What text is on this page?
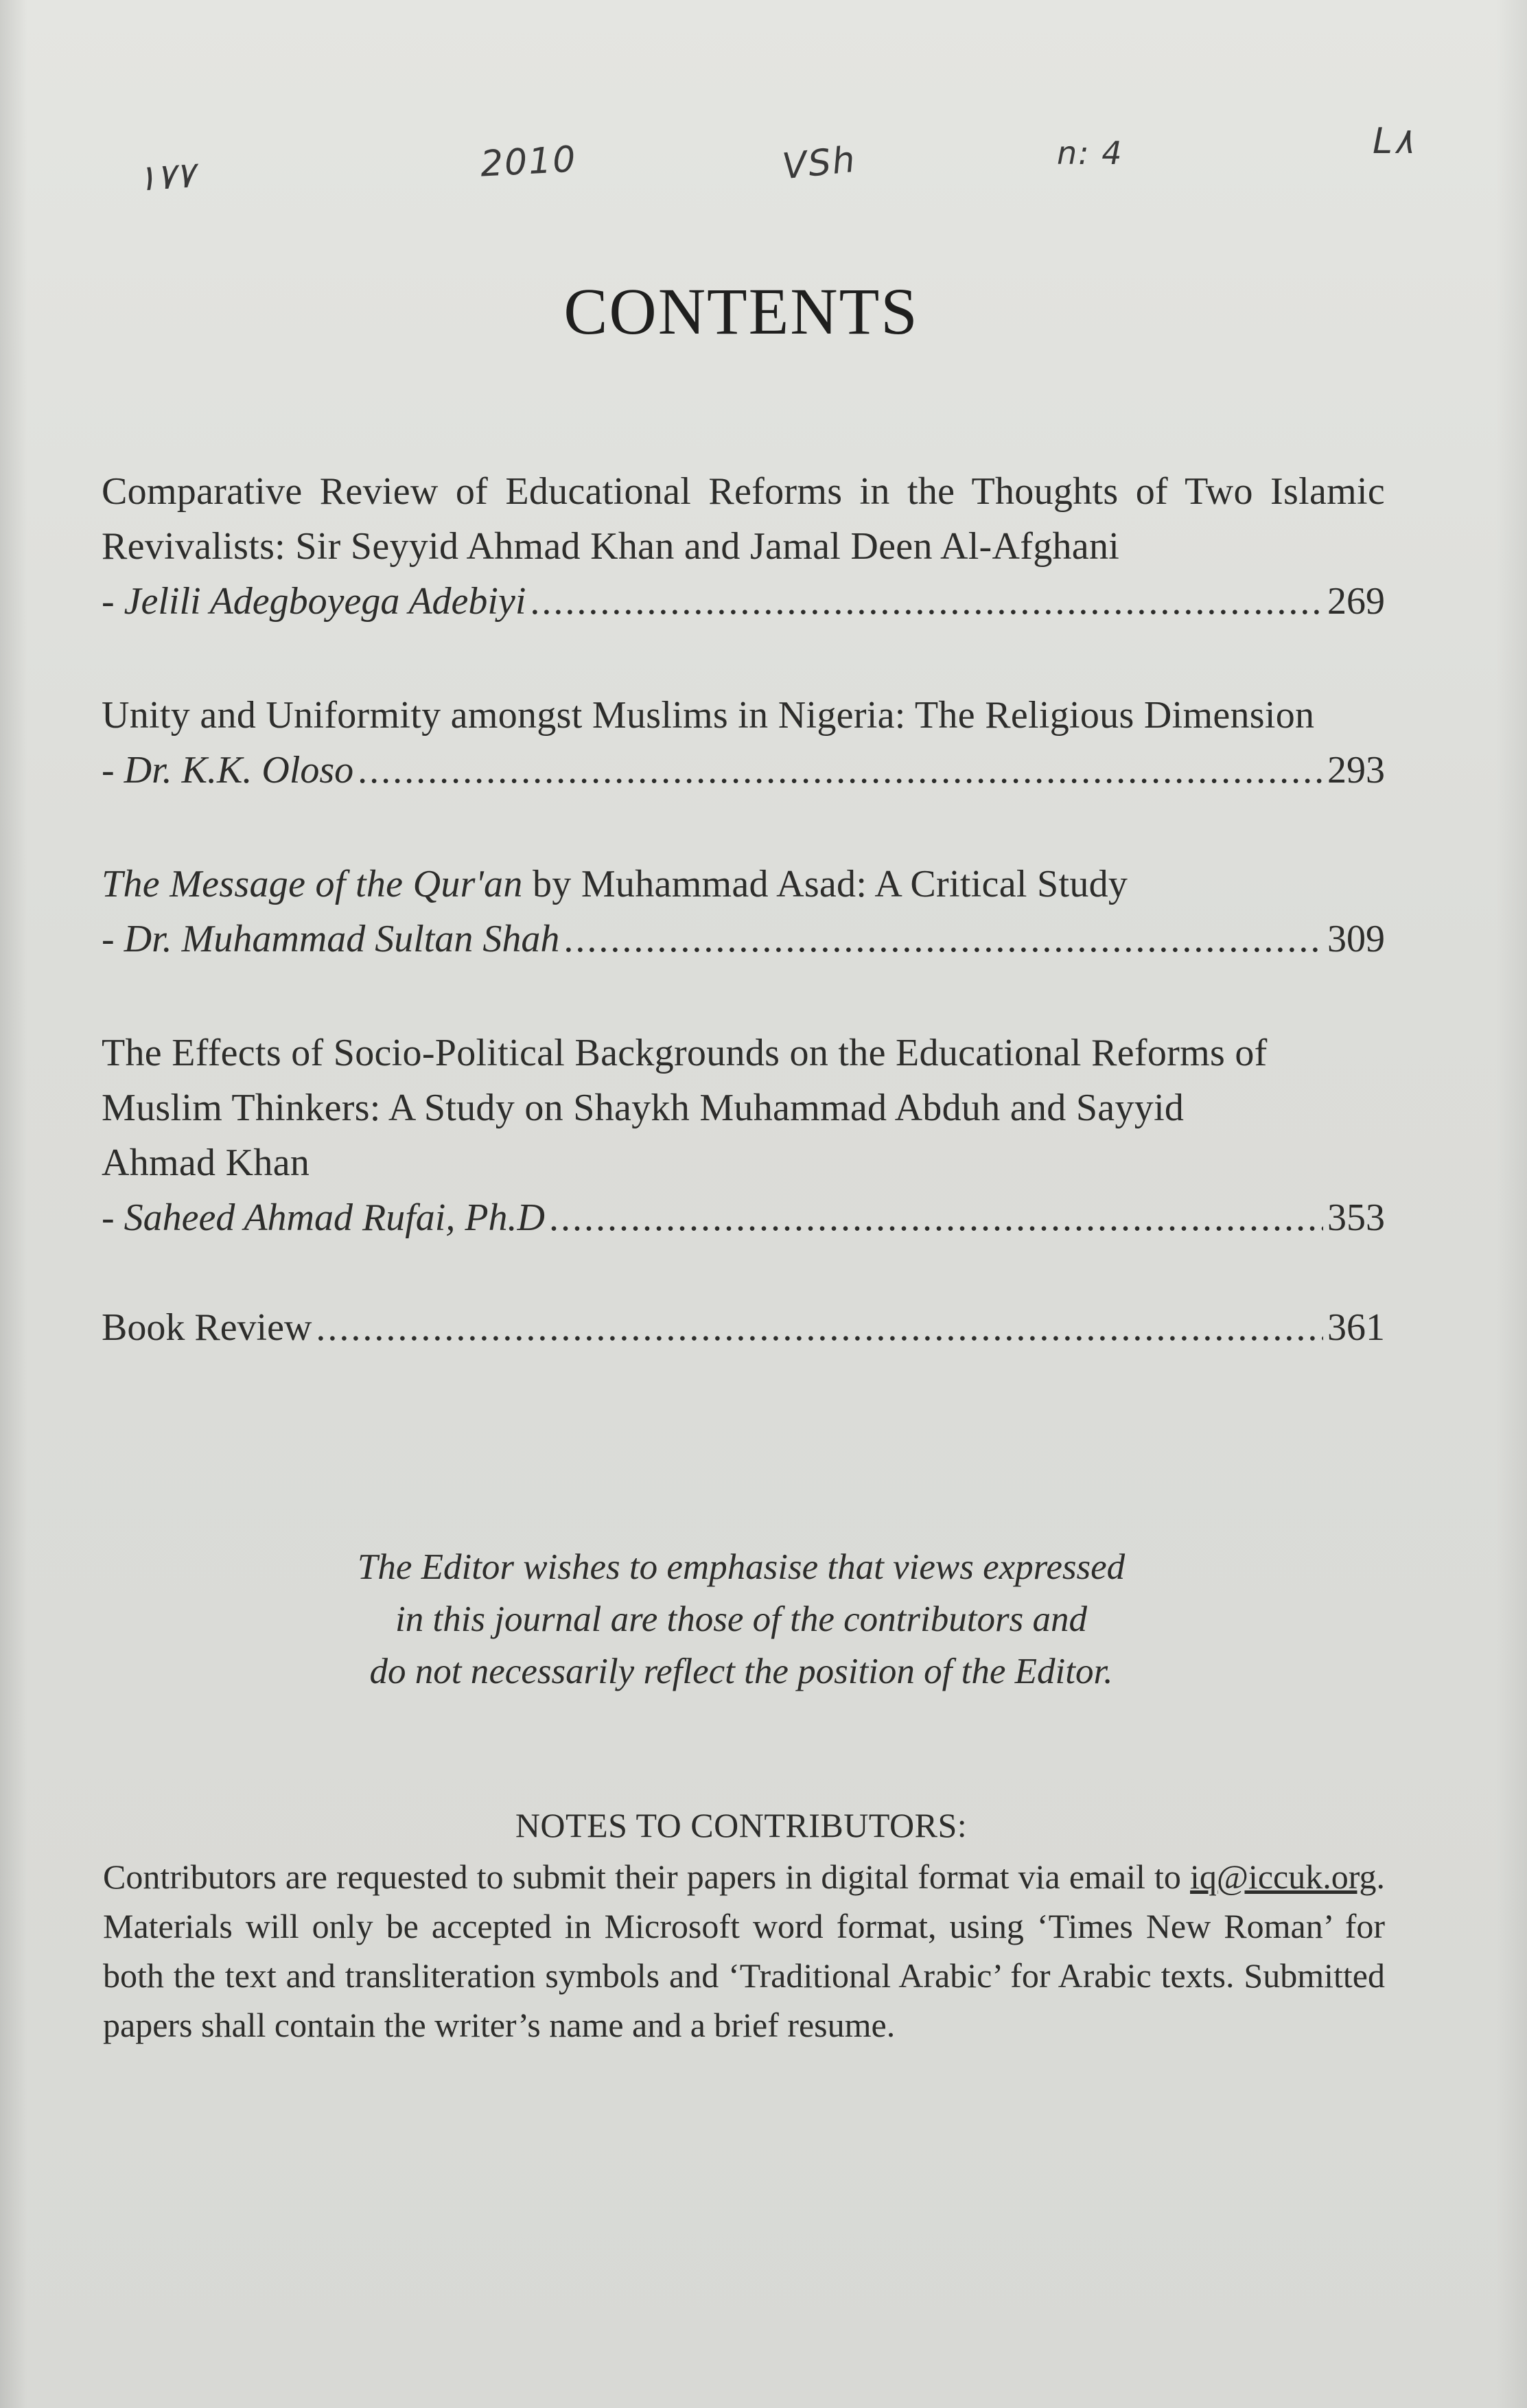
١٧٧	2010	VSh	n: 4	L٨
CONTENTS
Comparative Review of Educational Reforms in the Thoughts of Two Islamic Revivalists: Sir Seyyid Ahmad Khan and Jamal Deen Al-Afghani
- Jelili Adegboyega Adebiyi .....	269
Unity and Uniformity amongst Muslims in Nigeria: The Religious Dimension
- Dr. K.K. Oloso .....	293
The Message of the Qur'an by Muhammad Asad: A Critical Study
- Dr. Muhammad Sultan Shah .....	309
The Effects of Socio-Political Backgrounds on the Educational Reforms of Muslim Thinkers: A Study on Shaykh Muhammad Abduh and Sayyid Ahmad Khan
- Saheed Ahmad Rufai, Ph.D .....	353
Book Review .....	361
The Editor wishes to emphasise that views expressed
in this journal are those of the contributors and
do not necessarily reflect the position of the Editor.
NOTES TO CONTRIBUTORS:
Contributors are requested to submit their papers in digital format via email to iq@iccuk.org. Materials will only be accepted in Microsoft word format, using ‘Times New Roman’ for both the text and transliteration symbols and ‘Traditional Arabic’ for Arabic texts. Submitted papers shall contain the writer’s name and a brief resume.
